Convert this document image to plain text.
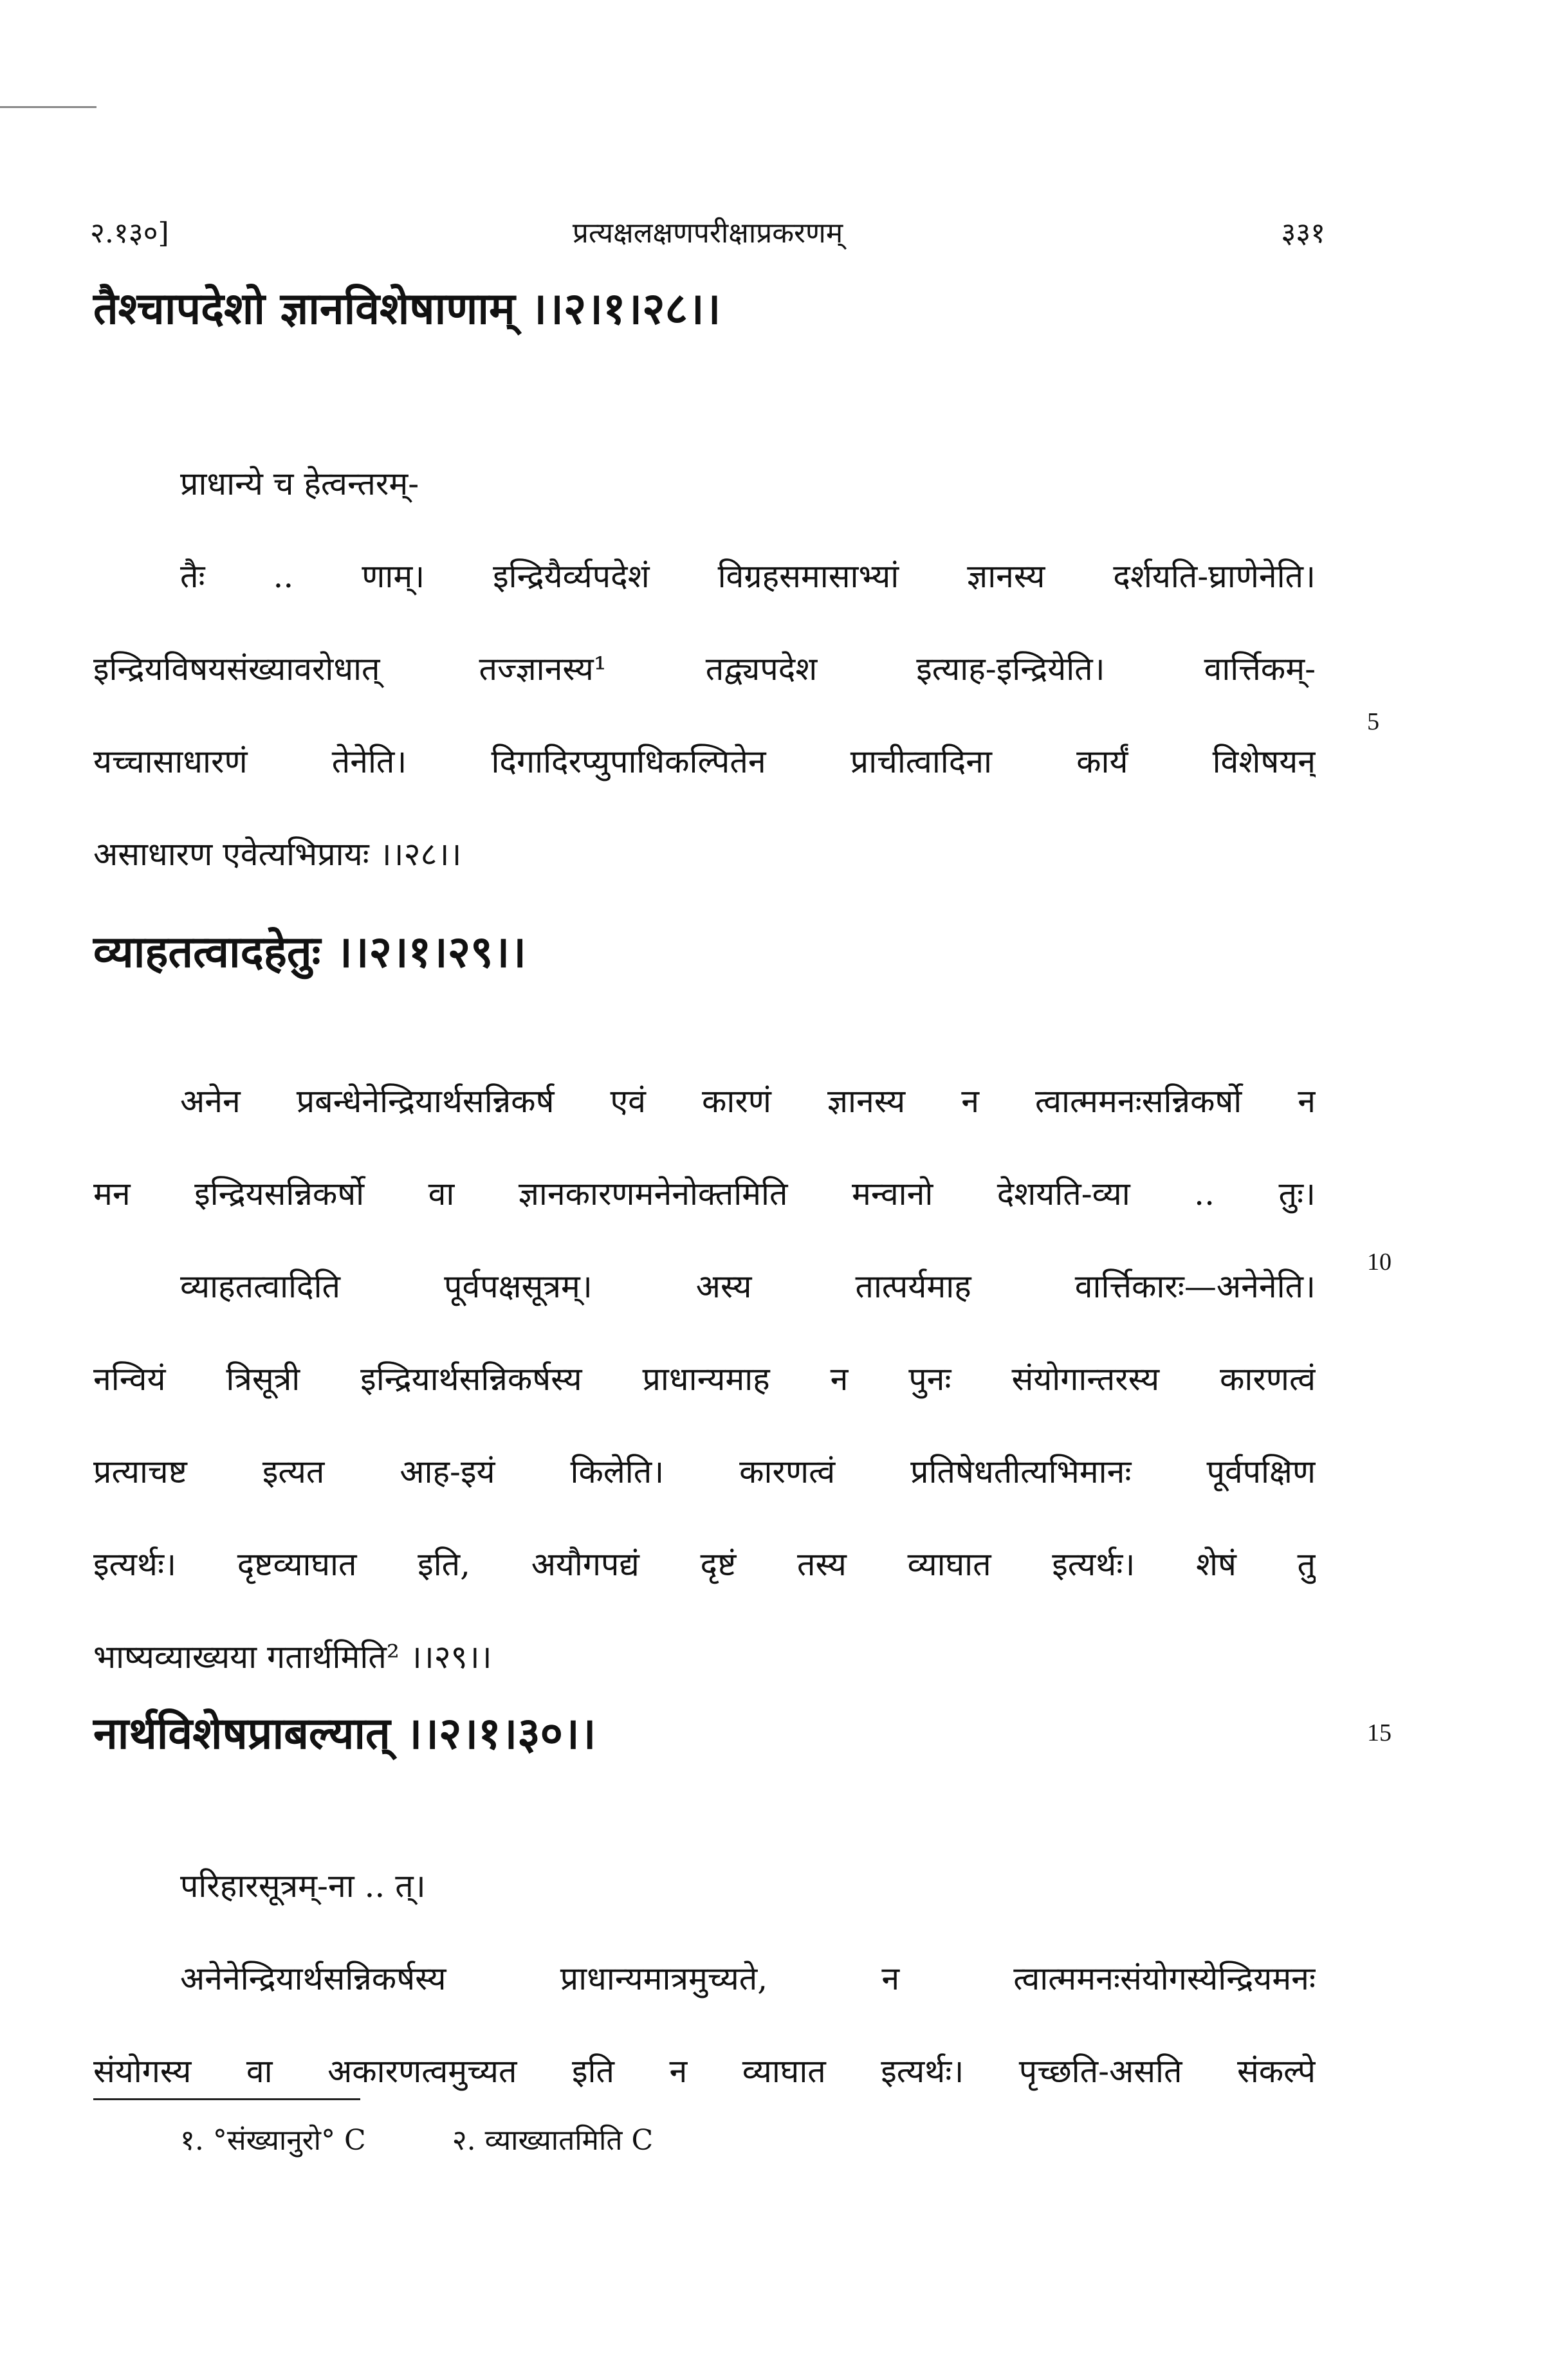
२.१३०]	प्रत्यक्षलक्षणपरीक्षाप्रकरणम्	३३१
तैश्चापदेशो ज्ञानविशेषाणाम् ।।२।१।२८।।
प्राधान्ये च हेत्वन्तरम्-
तैः .. णाम्। इन्द्रियैर्व्यपदेशं विग्रहसमासाभ्यां ज्ञानस्य दर्शयति-घ्राणेनेति।
इन्द्रियविषयसंख्यावरोधात् तज्ज्ञानस्य¹ तद्व्यपदेश इत्याह-इन्द्रियेति। वार्त्तिकम्-
यच्चासाधारणं तेनेति। दिगादिरप्युपाधिकल्पितेन प्राचीत्वादिना कार्यं विशेषयन्
असाधारण एवेत्यभिप्रायः ।।२८।।
5
व्याहतत्वादहेतुः ।।२।१।२९।।
अनेन प्रबन्धेनेन्द्रियार्थसन्निकर्ष एवं कारणं ज्ञानस्य न त्वात्ममनःसन्निकर्षो न
मन इन्द्रियसन्निकर्षो वा ज्ञानकारणमनेनोक्तमिति मन्वानो देशयति-व्या .. तुः।
व्याहतत्वादिति पूर्वपक्षसूत्रम्। अस्य तात्पर्यमाह वार्त्तिकारः—अनेनेति।
नन्वियं त्रिसूत्री इन्द्रियार्थसन्निकर्षस्य प्राधान्यमाह न पुनः संयोगान्तरस्य कारणत्वं
प्रत्याचष्ट इत्यत आह-इयं किलेति। कारणत्वं प्रतिषेधतीत्यभिमानः पूर्वपक्षिण
इत्यर्थः। दृष्टव्याघात इति, अयौगपद्यं दृष्टं तस्य व्याघात इत्यर्थः। शेषं तु
भाष्यव्याख्यया गतार्थमिति² ।।२९।।
10
नार्थविशेषप्राबल्यात् ।।२।१।३०।।	15
परिहारसूत्रम्-ना .. त्।
अनेनेन्द्रियार्थसन्निकर्षस्य प्राधान्यमात्रमुच्यते, न त्वात्ममनःसंयोगस्येन्द्रियमनः
संयोगस्य वा अकारणत्वमुच्यत इति न व्याघात इत्यर्थः। पृच्छति-असति संकल्पे
१. °संख्यानुरो° C	२. व्याख्यातमिति C
